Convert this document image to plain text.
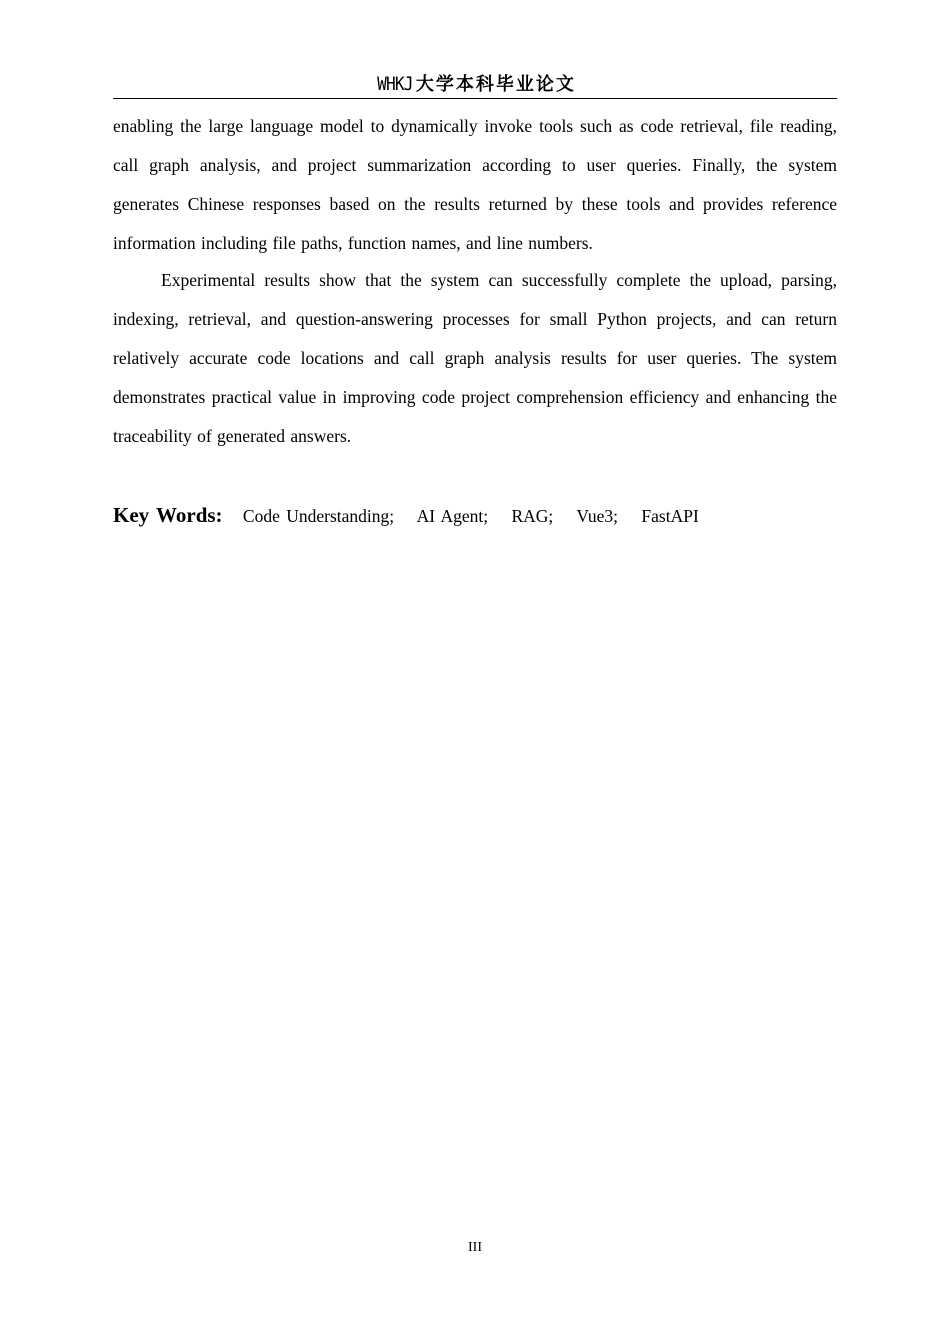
WHKJ 大学本科毕业论文

enabling the large language model to dynamically invoke tools such as code retrieval, file reading, call graph analysis, and project summarization according to user queries. Finally, the system generates Chinese responses based on the results returned by these tools and provides reference information including file paths, function names, and line numbers.

Experimental results show that the system can successfully complete the upload, parsing, indexing, retrieval, and question-answering processes for small Python projects, and can return relatively accurate code locations and call graph analysis results for user queries. The system demonstrates practical value in improving code project comprehension efficiency and enhancing the traceability of generated answers.

Key Words: Code Understanding; AI Agent; RAG; Vue3; FastAPI
III
